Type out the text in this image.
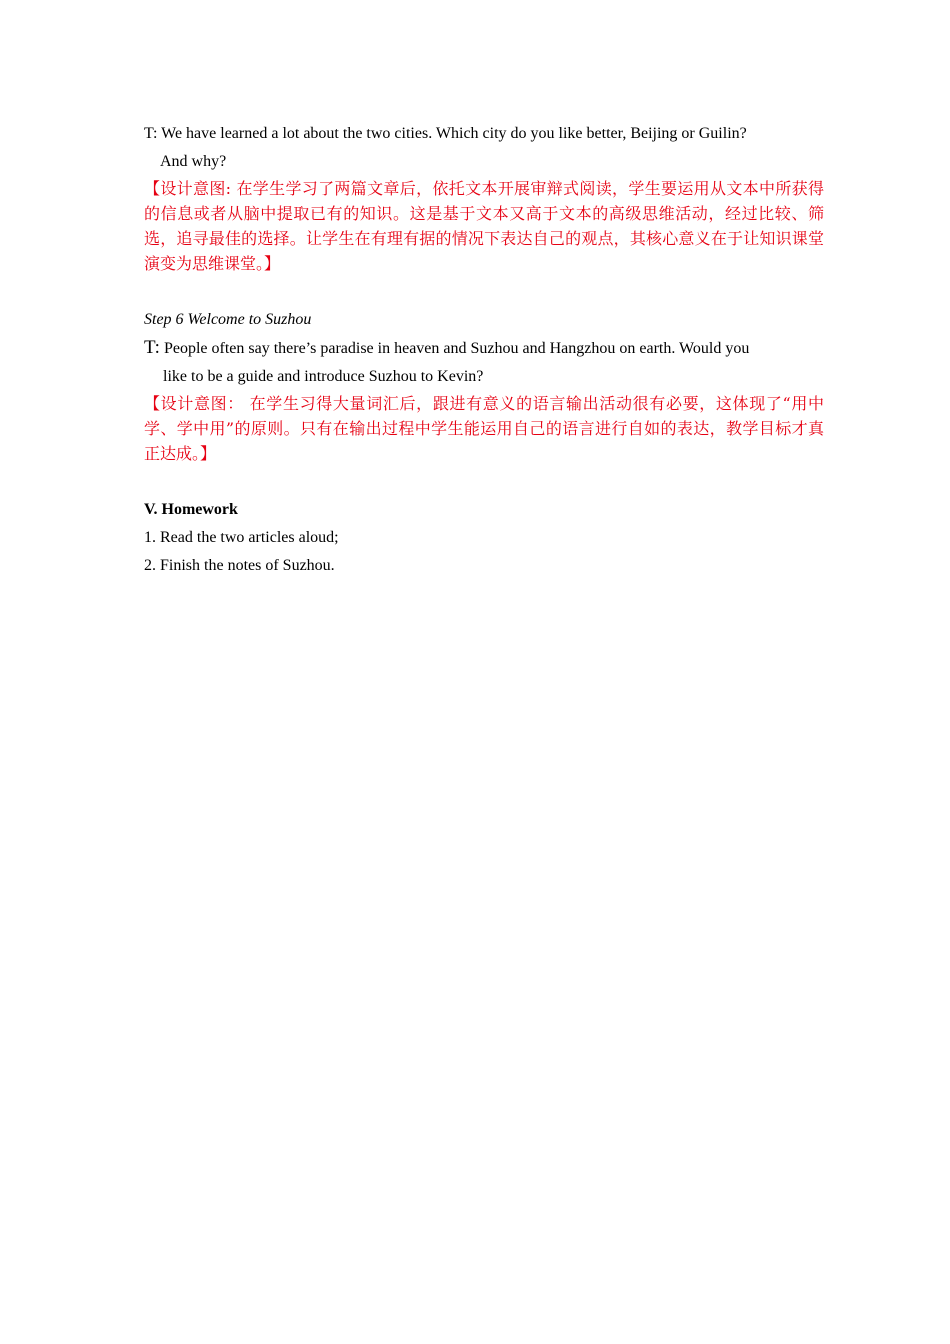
T: We have learned a lot about the two cities. Which city do you like better, Beijing or Guilin?

And why?

【设计意图: 在学生学习了两篇文章后，依托文本开展审辩式阅读，学生要运用从文本中所获得的信息或者从脑中提取已有的知识。这是基于文本又高于文本的高级思维活动，经过比较、筛选，追寻最佳的选择。让学生在有理有据的情况下表达自己的观点，其核心意义在于让知识课堂演变为思维课堂。】

Step 6 Welcome to Suzhou

T: People often say there’s paradise in heaven and Suzhou and Hangzhou on earth. Would you

like to be a guide and introduce Suzhou to Kevin?

【设计意图： 在学生习得大量词汇后，跟进有意义的语言输出活动很有必要，这体现了“用中学、学中用”的原则。只有在输出过程中学生能运用自己的语言进行自如的表达，教学目标才真正达成。】

V. Homework

1. Read the two articles aloud;

2. Finish the notes of Suzhou.
